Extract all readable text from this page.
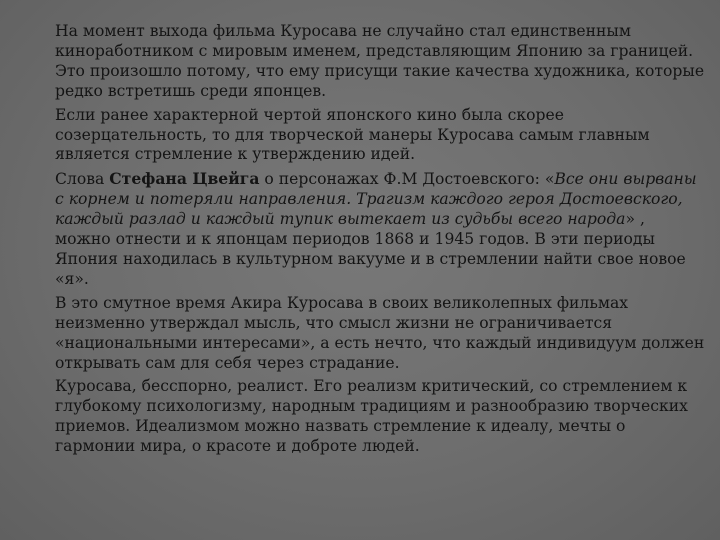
На момент выхода фильма Куросава не случайно стал единственным кинoработником с мировым именем, представляющим Японию за границей. Это произошло потому, что ему присущи такие качества художника, которые редко встретишь среди японцев.

Если ранее характерной чертой японского кино была скорее созерцательность, то для творческой манеры Куросава самым главным является стремление к утверждению идей.

Слова Стефана Цвейга о персонажах Ф.М Достоевского: «Все они вырваны с корнем и потеряли направления. Трагизм каждого героя Достоевского, каждый разлад и каждый тупик вытекает из судьбы всего народа» , можно отнести и к японцам периодов 1868 и 1945 годов. В эти периоды Япония находилась в культурном вакууме и в стремлении найти свое новое «я».

В это смутное время Акира Куросава в своих великолепных фильмах неизменно утверждал мысль, что смысл жизни не ограничивается «национальными интересами», а есть нечто, что каждый индивидуум должен открывать сам для себя через страдание.

Куросава, бесспорно, реалист. Его реализм критический, со стремлением к глубокому психологизму, народным традициям и разнообразию творческих приемов. Идеализмом можно назвать стремление к идеалу, мечты о гармонии мира, о красоте и доброте людей.
